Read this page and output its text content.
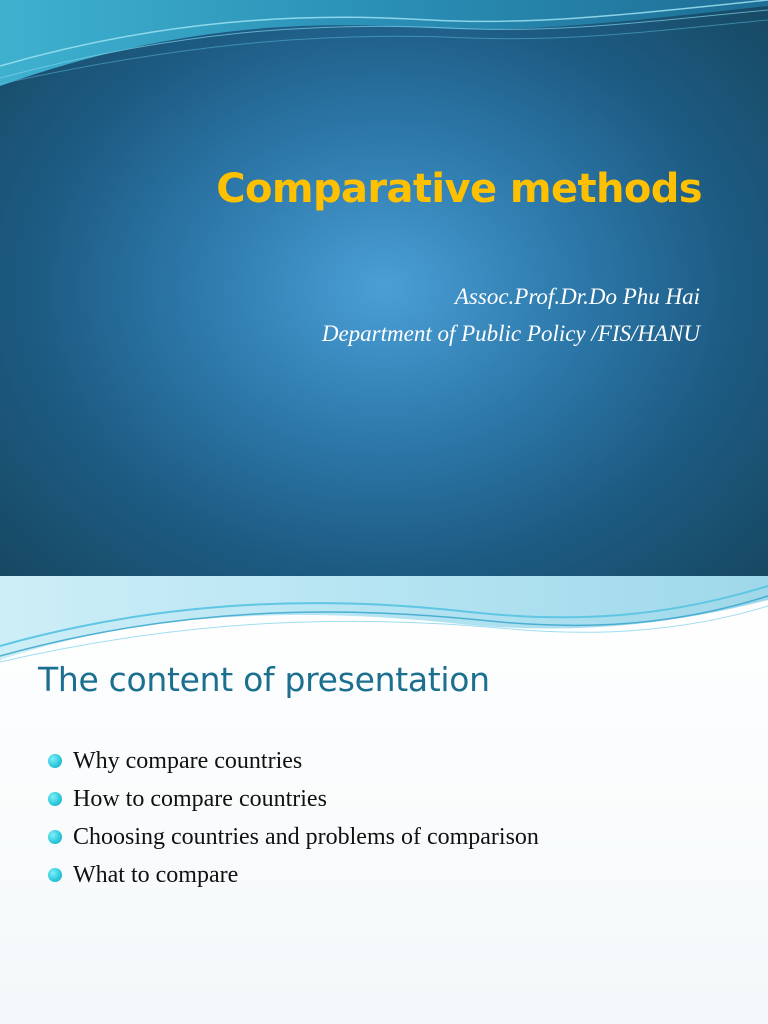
Comparative methods
Assoc.Prof.Dr.Do Phu Hai
Department of Public Policy /FIS/HANU
The content of presentation
Why compare countries
How to compare countries
Choosing countries and problems of comparison
What to compare
